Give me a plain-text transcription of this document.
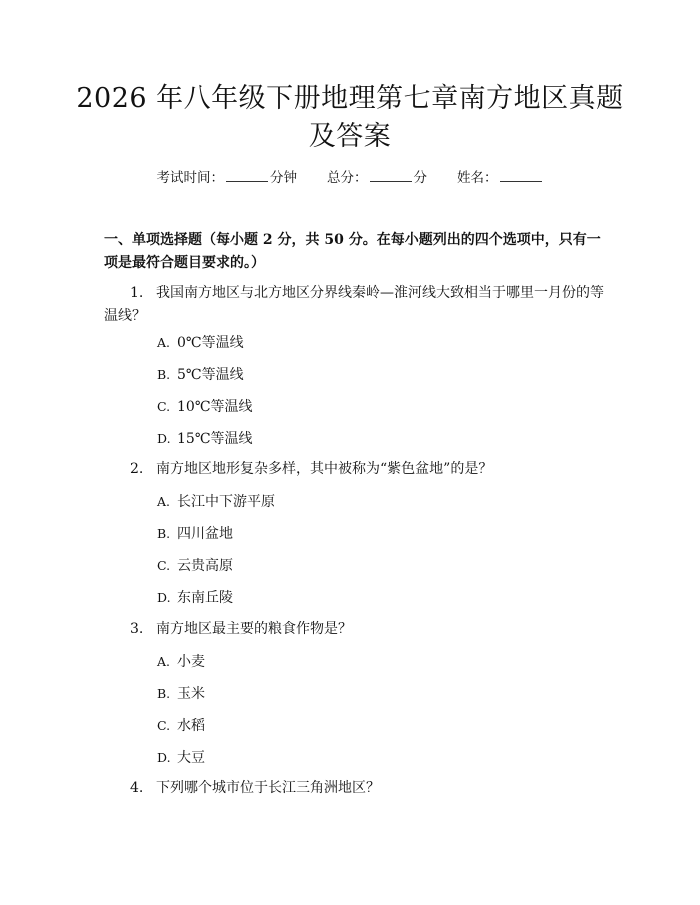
2026 年八年级下册地理第七章南方地区真题
及答案
考试时间：	分钟 总分：	分 姓名：
一、单项选择题（每小题 2 分，共 50 分。在每小题列出的四个选项中，只有一项是最符合题目要求的。）
1. 我国南方地区与北方地区分界线秦岭—淮河线大致相当于哪里一月份的等温线？
A. 0℃等温线
B. 5℃等温线
C. 10℃等温线
D. 15℃等温线
2. 南方地区地形复杂多样，其中被称为“紫色盆地”的是？
A. 长江中下游平原
B. 四川盆地
C. 云贵高原
D. 东南丘陵
3. 南方地区最主要的粮食作物是？
A. 小麦
B. 玉米
C. 水稻
D. 大豆
4. 下列哪个城市位于长江三角洲地区？
